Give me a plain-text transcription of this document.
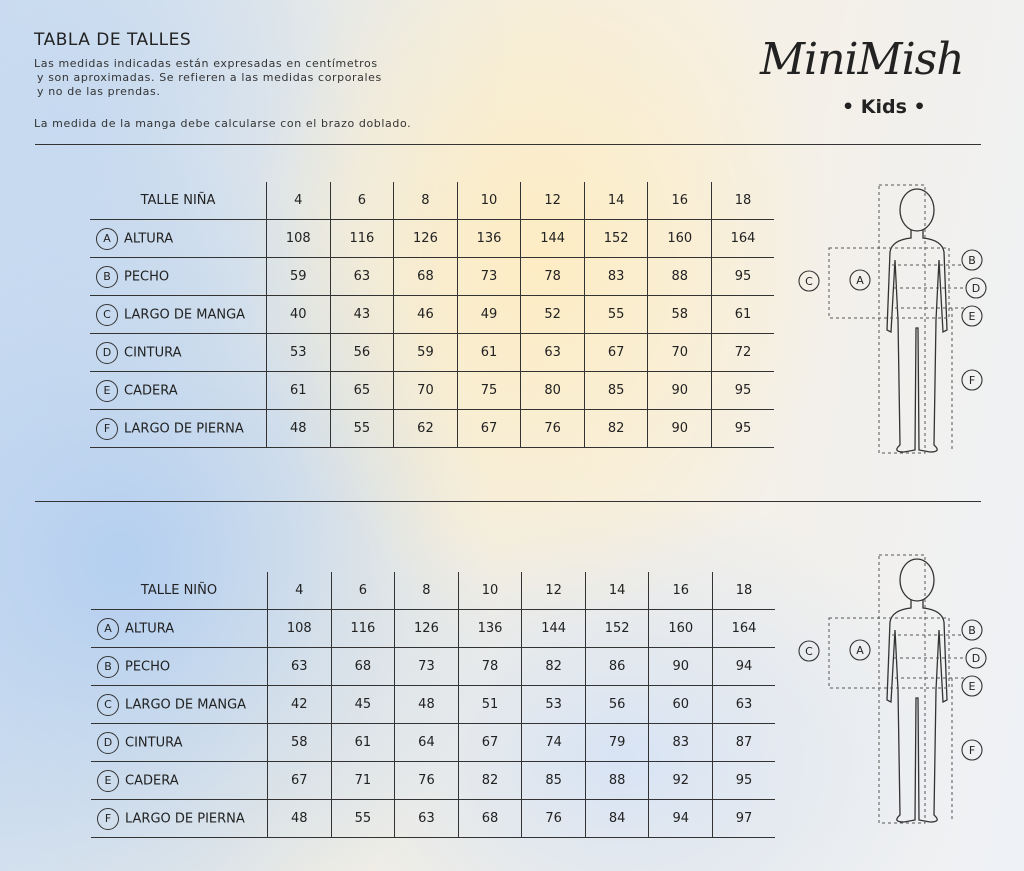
TABLA DE TALLES
Las medidas indicadas están expresadas en centímetros
y son aproximadas. Se refieren a las medidas corporales
y no de las prendas.
La medida de la manga debe calcularse con el brazo doblado.
MiniMish
• Kids •
TALLE NIÑA	4	6	8	10	12	14	16	18
A ALTURA	108	116	126	136	144	152	160	164
B PECHO	59	63	68	73	78	83	88	95
C LARGO DE MANGA	40	43	46	49	52	55	58	61
D CINTURA	53	56	59	61	63	67	70	72
E CADERA	61	65	70	75	80	85	90	95
F LARGO DE PIERNA	48	55	62	67	76	82	90	95
TALLE NIÑO	4	6	8	10	12	14	16	18
A ALTURA	108	116	126	136	144	152	160	164
B PECHO	63	68	73	78	82	86	90	94
C LARGO DE MANGA	42	45	48	51	53	56	60	63
D CINTURA	58	61	64	67	74	79	83	87
E CADERA	67	71	76	82	85	88	92	95
F LARGO DE PIERNA	48	55	63	68	76	84	94	97
C	A
B
D
E
F
C	A
B
D
E
F
